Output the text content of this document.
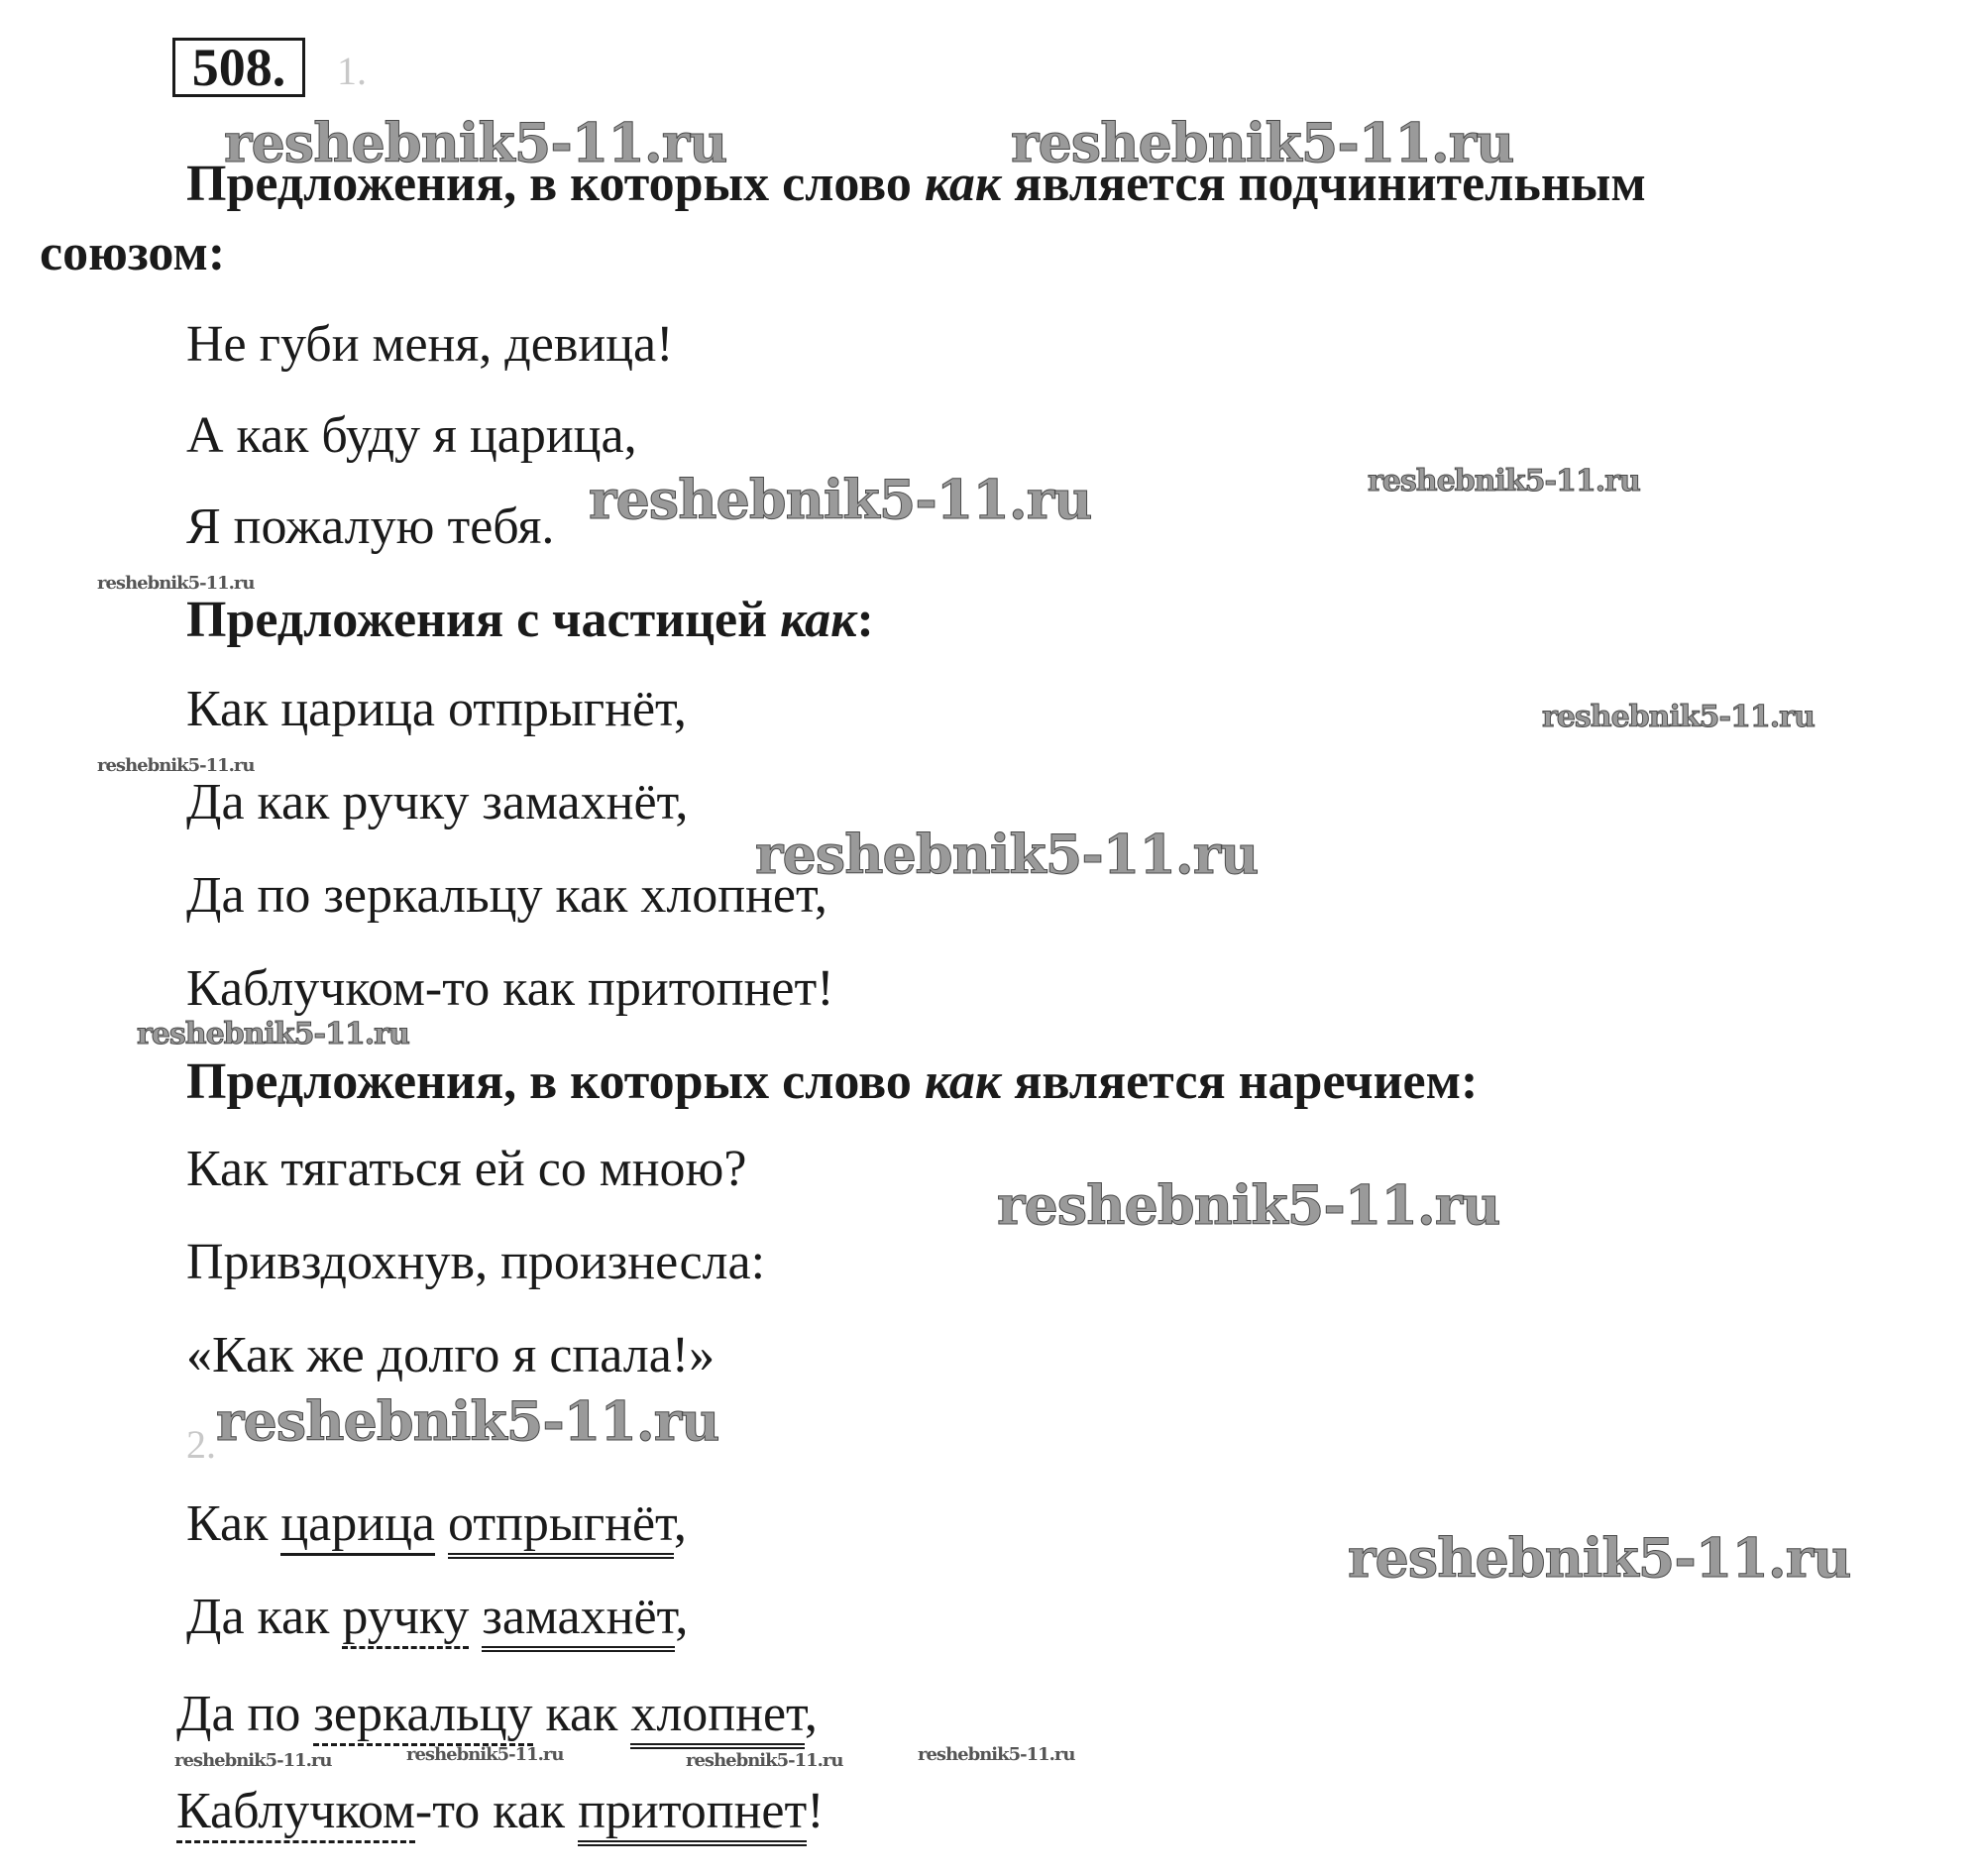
508.	1.
Предложения, в которых слово как является подчинительным
союзом:
Не губи меня, девица!
А как буду я царица,
Я пожалую тебя.
Предложения с частицей как:
Как царица отпрыгнёт,
Да как ручку замахнёт,
Да по зеркальцу как хлопнет,
Каблучком-то как притопнет!
Предложения, в которых слово как является наречием:
Как тягаться ей со мною?
Привздохнув, произнесла:
«Как же долго я спала!»
2.
Как царица отпрыгнёт,
Да как ручку замахнёт,
Да по зеркальцу как хлопнет,
Каблучком-то как притопнет!
reshebnik5-11.ru	reshebnik5-11.ru
reshebnik5-11.ru
reshebnik5-11.ru
reshebnik5-11.ru
reshebnik5-11.ru
reshebnik5-11.ru
reshebnik5-11.ru
reshebnik5-11.ru
reshebnik5-11.ru
reshebnik5-11.ru
reshebnik5-11.ru
reshebnik5-11.ru	reshebnik5-11.ru	reshebnik5-11.ru	reshebnik5-11.ru
